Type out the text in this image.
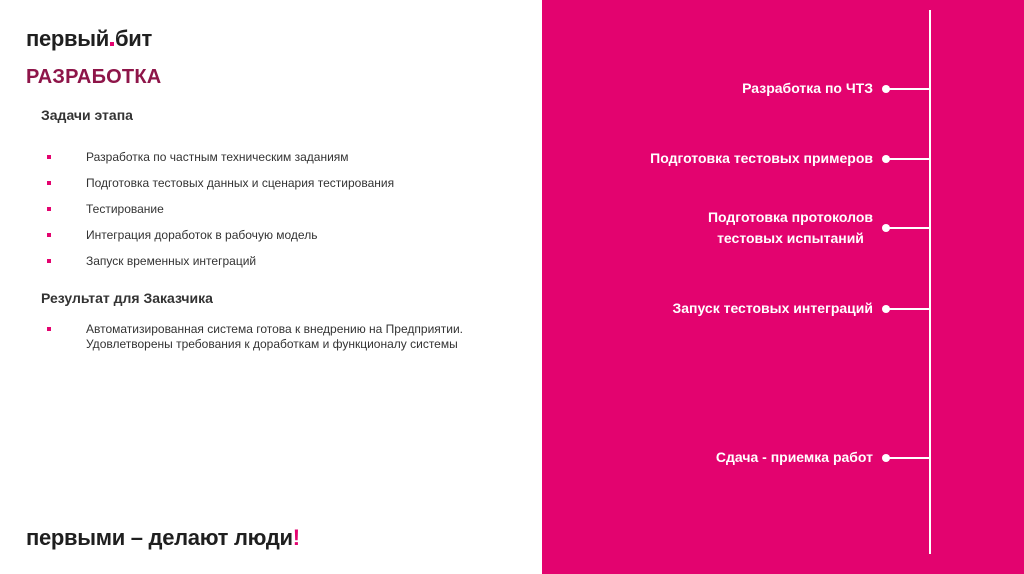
первый бит
РАЗРАБОТКА
Задачи этапа
Разработка по частным техническим заданиям
Подготовка тестовых данных и сценария тестирования
Тестирование
Интеграция доработок в рабочую модель
Запуск временных интеграций
Результат для Заказчика
Автоматизированная система готова к внедрению на Предприятии. Удовлетворены требования к доработкам и функционалу системы
первыми – делают люди!
Разработка по ЧТЗ
Подготовка тестовых примеров
Подготовка протоколов
тестовых испытаний
Запуск тестовых интеграций
Сдача - приемка работ
